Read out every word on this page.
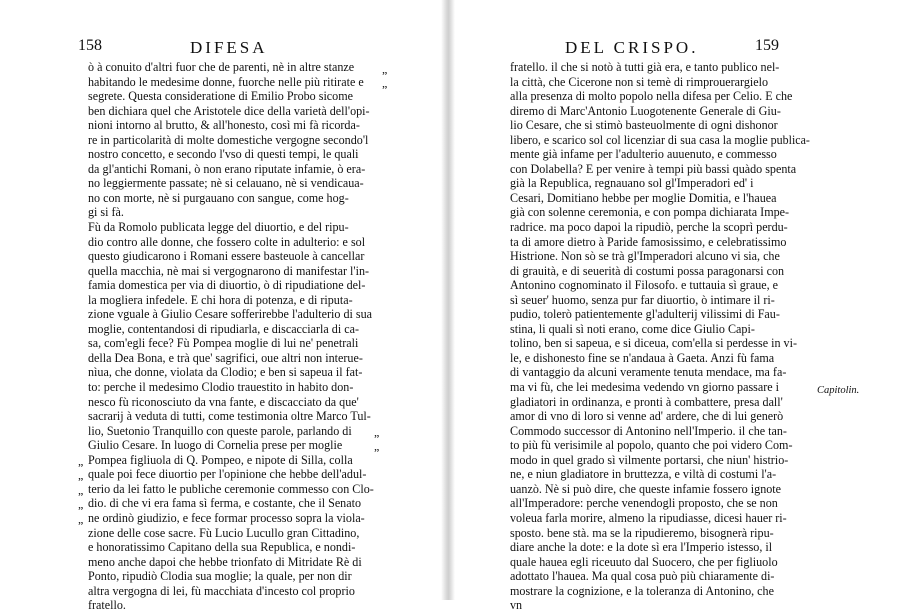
158	DIFESA
ò à conuito d'altri fuor che de parenti, nè in altre stanze
habitando le medesime donne, fuorche nelle più ritirate e
segrete. Questa consideratione di Emilio Probo sicome
ben dichiara quel che Aristotele dice della varietà dell'opi-
nioni intorno al brutto, & all'honesto, così mi fà ricorda-
re in particolarità di molte domestiche vergogne secondo'l
nostro concetto, e secondo l'vso di questi tempi, le quali
da gl'antichi Romani, ò non erano riputate infamie, ò era-
no leggiermente passate; nè si celauano, nè si vendicaua-
no con morte, nè si purgauano con sangue, come hog-
gi si fà.
Fù da Romolo publicata legge del diuortio, e del ripu-
dio contro alle donne, che fossero colte in adulterio: e sol
questo giudicarono i Romani essere basteuole à cancellar
quella macchia, nè mai si vergognarono di manifestar l'in-
famia domestica per via di diuortio, ò di ripudiatione del-
la mogliera infedele. E chi hora di potenza, e di riputa-
zione vguale à Giulio Cesare sofferirebbe l'adulterio di sua
moglie, contentandosi di ripudiarla, e discacciarla di ca-
sa, com'egli fece? Fù Pompea moglie di lui ne' penetrali
della Dea Bona, e trà que' sagrifici, oue altri non interue-
nìua, che donne, violata da Clodio; e ben si sapeua il fat-
to: perche il medesimo Clodio trauestito in habito don-
nesco fù riconosciuto da vna fante, e discacciato da que'
sacrarij à veduta di tutti, come testimonia oltre Marco Tul-
lio, Suetonio Tranquillo con queste parole, parlando di
Giulio Cesare. In luogo di Cornelia prese per moglie
Pompea figliuola di Q. Pompeo, e nipote di Silla, colla
quale poi fece diuortio per l'opinione che hebbe dell'adul-
terio da lei fatto le publiche ceremonie commesso con Clo-
dio. di che vi era fama sì ferma, e costante, che il Senato
ne ordinò giudizio, e fece formar processo sopra la viola-
zione delle cose sacre. Fù Lucio Lucullo gran Cittadino,
e honoratissimo Capitano della sua Republica, e nondi-
meno anche dapoi che hebbe trionfato di Mitridate Rè di
Ponto, ripudiò Clodia sua moglie; la quale, per non dir
altra vergogna di lei, fù macchiata d'incesto col proprio
fratello.
„
„
„
„
„
„
„
„
„
DEL CRISPO.	159
fratello. il che si notò à tutti già era, e tanto publico nel-
la città, che Cicerone non si temè di rimprouerargielo
alla presenza di molto popolo nella difesa per Celio. E che
diremo di Marc'Antonio Luogotenente Generale di Giu-
lio Cesare, che si stimò basteuolmente di ogni dishonor
libero, e scarico sol col licenziar di sua casa la moglie publica-
mente già infame per l'adulterio auuenuto, e commesso
con Dolabella? E per venire à tempi più bassi quàdo spenta
già la Republica, regnauano sol gl'Imperadori ed' i
Cesari, Domitiano hebbe per moglie Domitia, e l'hauea
già con solenne ceremonia, e con pompa dichiarata Impe-
radrice. ma poco dapoi la ripudiò, perche la scoprì perdu-
ta di amore dietro à Paride famosissimo, e celebratissimo
Histrione. Non sò se trà gl'Imperadori alcuno vi sia, che
di grauità, e di seuerità di costumi possa paragonarsi con
Antonino cognominato il Filosofo. e tuttauia sì graue, e
sì seuer' huomo, senza pur far diuortio, ò intimare il ri-
pudio, tolerò patientemente gl'adulterij vilissimi di Fau-
stina, li quali sì noti erano, come dice Giulio Capi-
tolino, ben si sapeua, e si diceua, com'ella si perdesse in vi-
le, e dishonesto fine se n'andaua à Gaeta. Anzi fù fama
di vantaggio da alcuni veramente tenuta mendace, ma fa-
ma vi fù, che lei medesima vedendo vn giorno passare i
gladiatori in ordinanza, e pronti à combattere, presa dall'
amor di vno di loro si venne ad' ardere, che di lui generò
Commodo successor di Antonino nell'Imperio. il che tan-
to più fù verisimile al popolo, quanto che poi videro Com-
modo in quel grado sì vilmente portarsi, che niun' histrio-
ne, e niun gladiatore in bruttezza, e viltà di costumi l'a-
uanzò. Nè si può dire, che queste infamie fossero ignote
all'Imperadore: perche venendogli proposto, che se non
voleua farla morire, almeno la ripudiasse, dicesi hauer ri-
sposto. bene stà. ma se la ripudieremo, bisognerà ripu-
diare anche la dote: e la dote sì era l'Imperio istesso, il
quale hauea egli riceuuto dal Suocero, che per figliuolo
adottato l'hauea. Ma qual cosa può più chiaramente di-
mostrare la cognizione, e la toleranza di Antonino, che
vn
Capitolin.
